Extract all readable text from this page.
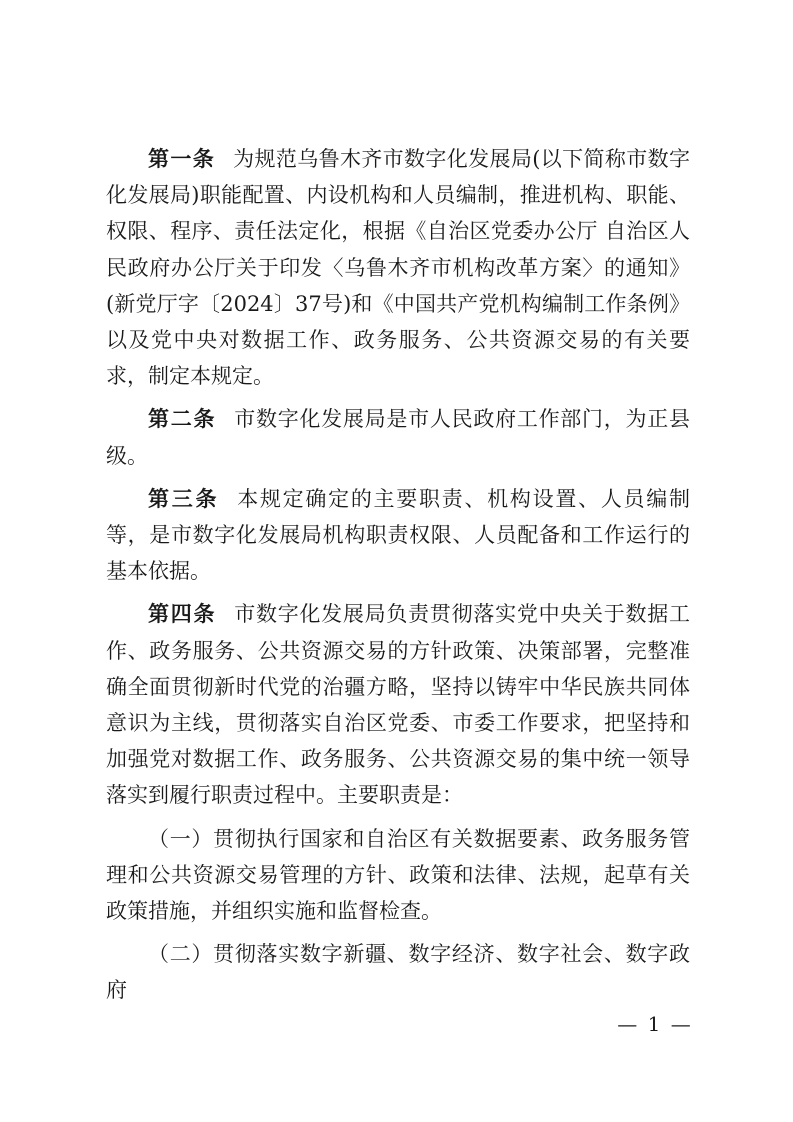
第一条 为规范乌鲁木齐市数字化发展局(以下简称市数字化发展局)职能配置、内设机构和人员编制，推进机构、职能、权限、程序、责任法定化，根据《自治区党委办公厅 自治区人民政府办公厅关于印发〈乌鲁木齐市机构改革方案〉的通知》(新党厅字〔2024〕37号)和《中国共产党机构编制工作条例》以及党中央对数据工作、政务服务、公共资源交易的有关要求，制定本规定。

第二条 市数字化发展局是市人民政府工作部门，为正县级。

第三条 本规定确定的主要职责、机构设置、人员编制等，是市数字化发展局机构职责权限、人员配备和工作运行的基本依据。

第四条 市数字化发展局负责贯彻落实党中央关于数据工作、政务服务、公共资源交易的方针政策、决策部署，完整准确全面贯彻新时代党的治疆方略，坚持以铸牢中华民族共同体意识为主线，贯彻落实自治区党委、市委工作要求，把坚持和加强党对数据工作、政务服务、公共资源交易的集中统一领导落实到履行职责过程中。主要职责是：

（一）贯彻执行国家和自治区有关数据要素、政务服务管理和公共资源交易管理的方针、政策和法律、法规，起草有关政策措施，并组织实施和监督检查。

（二）贯彻落实数字新疆、数字经济、数字社会、数字政府

— 1 —
